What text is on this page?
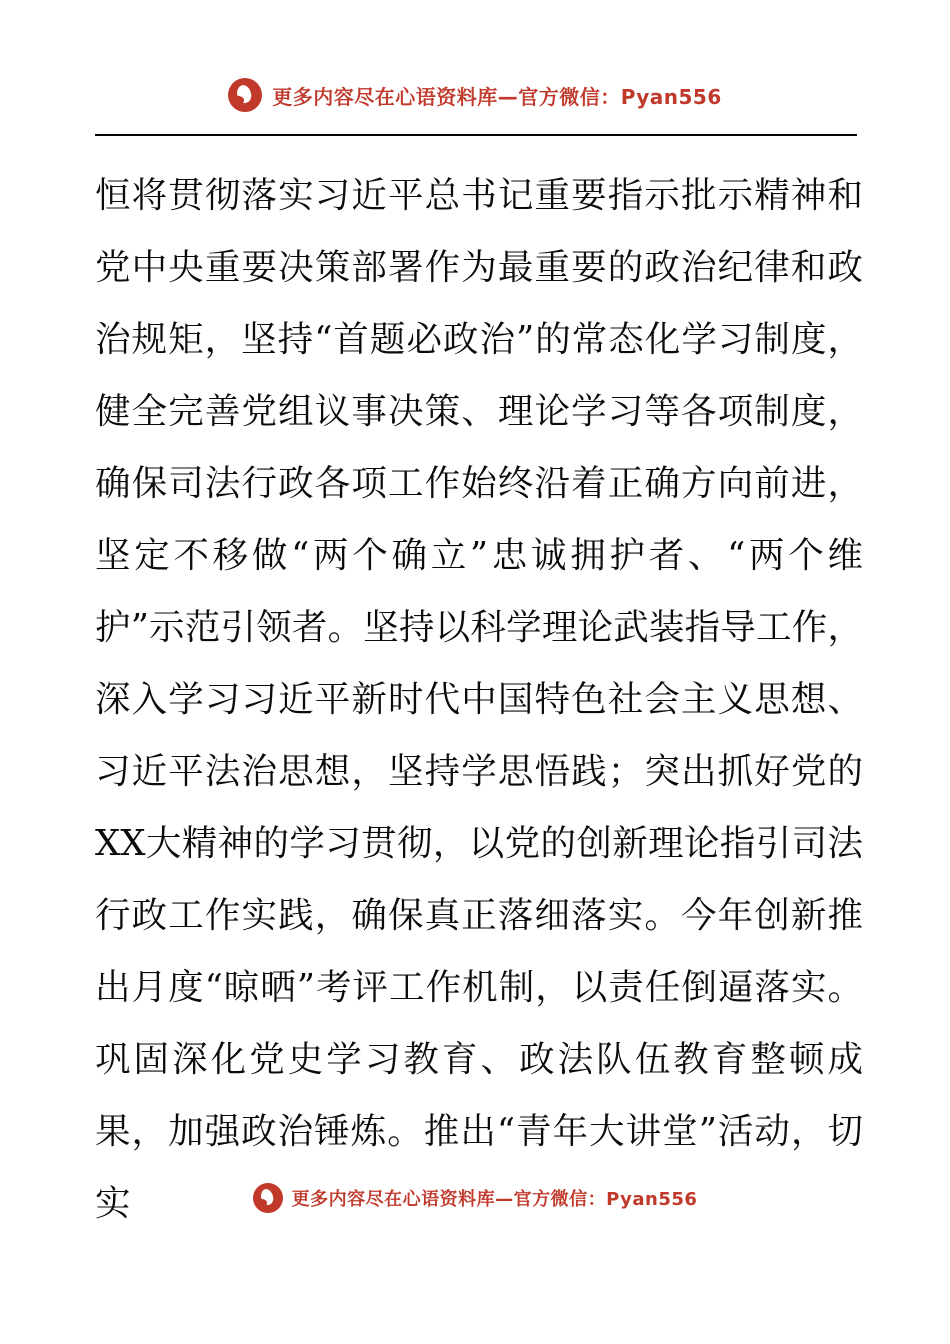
更多内容尽在心语资料库—官方微信：Pyan556
恒将贯彻落实习近平总书记重要指示批示精神和党中央重要决策部署作为最重要的政治纪律和政治规矩，坚持“首题必政治”的常态化学习制度，健全完善党组议事决策、理论学习等各项制度，确保司法行政各项工作始终沿着正确方向前进，坚定不移做“两个确立”忠诚拥护者、“两个维护”示范引领者。坚持以科学理论武装指导工作，深入学习习近平新时代中国特色社会主义思想、习近平法治思想，坚持学思悟践；突出抓好党的XX大精神的学习贯彻，以党的创新理论指引司法行政工作实践，确保真正落细落实。今年创新推出月度“晾晒”考评工作机制，以责任倒逼落实。巩固深化党史学习教育、政法队伍教育整顿成果，加强政治锤炼。推出“青年大讲堂”活动，切实	更多内容尽在心语资料库—官方微信：Pyan556
